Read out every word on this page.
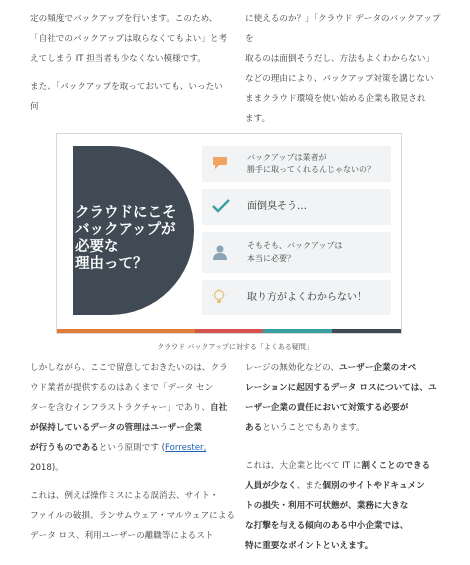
定の頻度でバックアップを行います。このため、
「自社でのバックアップは取らなくてもよい」と考
えてしまう IT 担当者も少なくない模様です。
また、「バックアップを取っておいても、いったい何
に使えるのか？」「クラウド データのバックアップを
取るのは面倒そうだし、方法もよくわからない」
などの理由により、バックアップ対策を講じない
ままクラウド環境を使い始める企業も散見され
ます。
クラウドにこそ
バックアップが
必要な
理由って？
バックアップは業者が
勝手に取ってくれるんじゃないの？
面倒臭そう…
そもそも、バックアップは
本当に必要？
取り方がよくわからない！
クラウド バックアップに対する「よくある疑問」
しかしながら、ここで留意しておきたいのは、クラ
ウド業者が提供するのはあくまで「データ セン
ターを含むインフラストラクチャー」であり、自社
が保持しているデータの管理はユーザー企業
が行うものであるという原則です (Forrester,
2018)。
これは、例えば操作ミスによる誤消去、サイト・
ファイルの破損、ランサムウェア・マルウェアによる
データ ロス、利用ユーザーの離職等によるスト
レージの無効化などの、ユーザー企業のオペ
レーションに起因するデータ ロスについては、ユ
ーザー企業の責任において対策する必要が
あるということでもあります。
これは、大企業と比べて IT に割くことのできる
人員が少なく、また個別のサイトやドキュメン
トの損失・利用不可状態が、業務に大きな
な打撃を与える傾向のある中小企業では、
特に重要なポイントといえます。
